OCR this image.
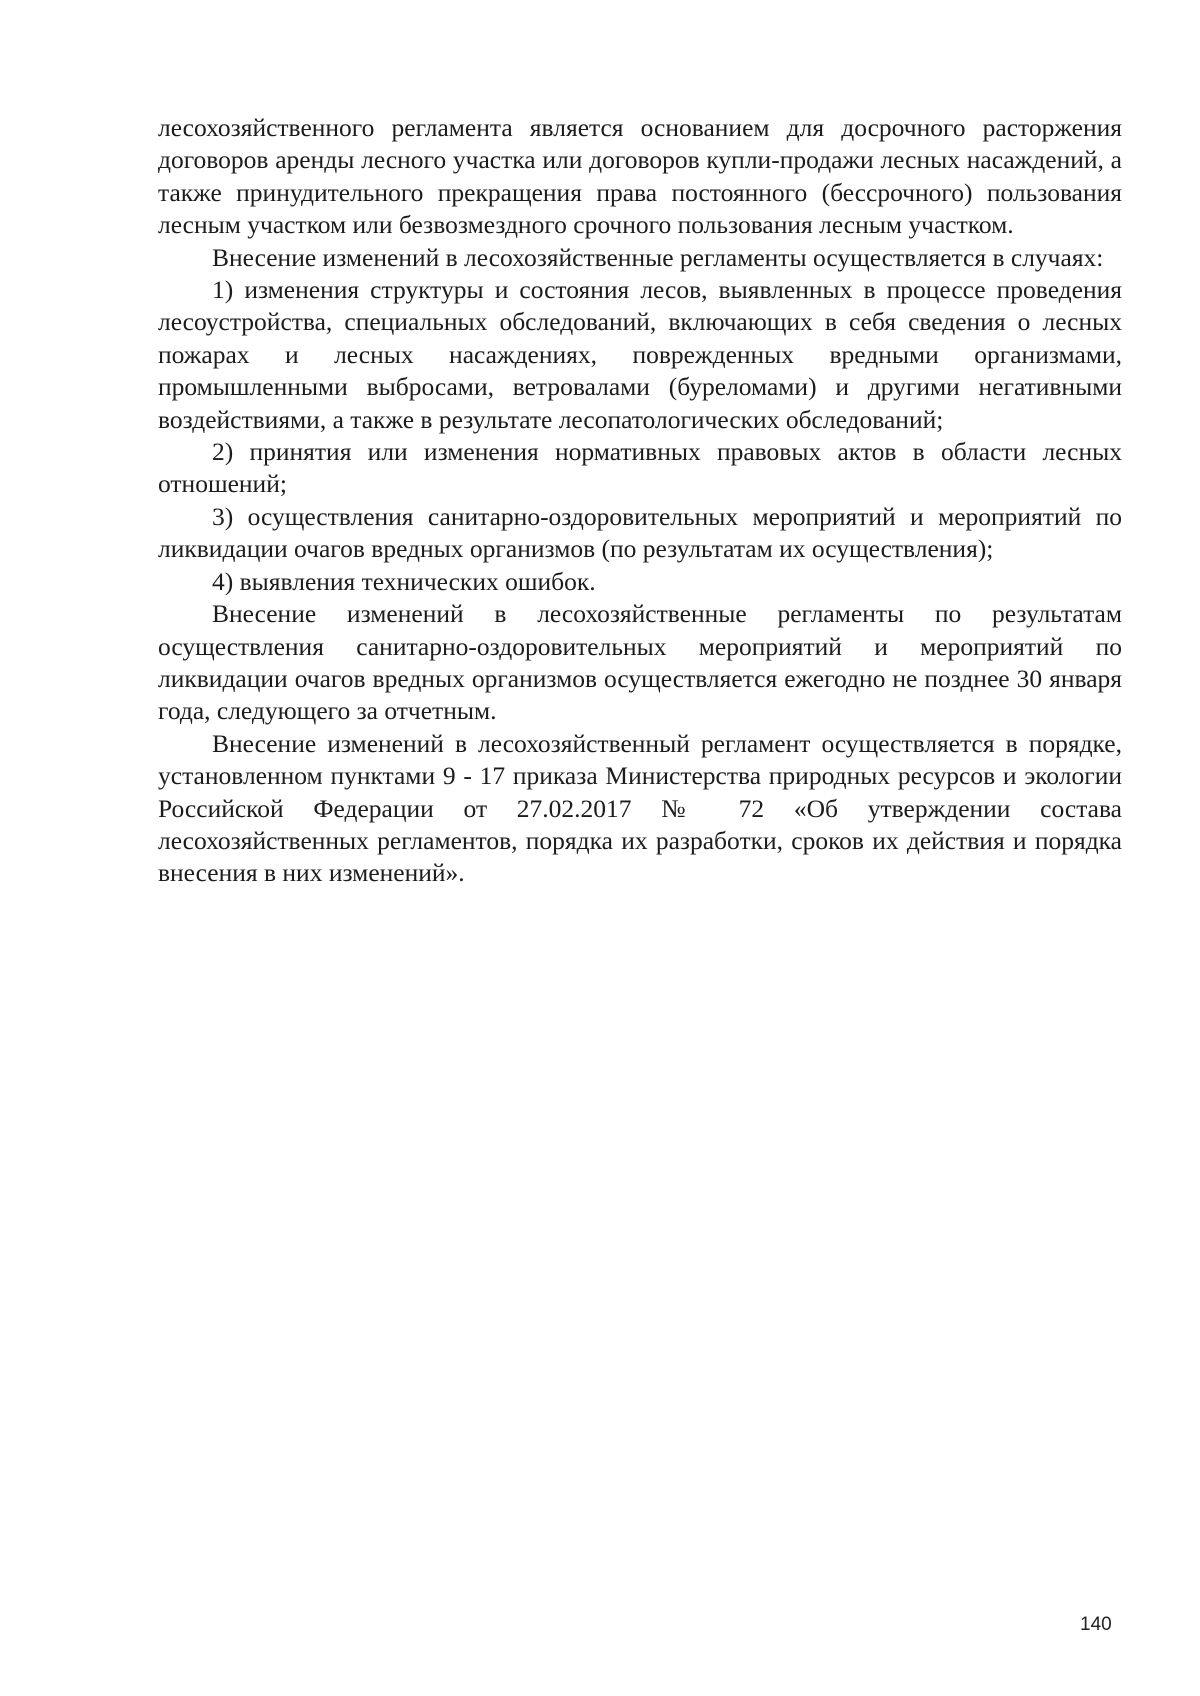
лесохозяйственного регламента является основанием для досрочного расторжения договоров аренды лесного участка или договоров купли-продажи лесных насаждений, а также принудительного прекращения права постоянного (бессрочного) пользования лесным участком или безвозмездного срочного пользования лесным участком.

Внесение изменений в лесохозяйственные регламенты осуществляется в случаях:

1) изменения структуры и состояния лесов, выявленных в процессе проведения лесоустройства, специальных обследований, включающих в себя сведения о лесных пожарах и лесных насаждениях, поврежденных вредными организмами, промышленными выбросами, ветровалами (буреломами) и другими негативными воздействиями, а также в результате лесопатологических обследований;

2) принятия или изменения нормативных правовых актов в области лесных отношений;

3) осуществления санитарно-оздоровительных мероприятий и мероприятий по ликвидации очагов вредных организмов (по результатам их осуществления);

4) выявления технических ошибок.

Внесение изменений в лесохозяйственные регламенты по результатам осуществления санитарно-оздоровительных мероприятий и мероприятий по ликвидации очагов вредных организмов осуществляется ежегодно не позднее 30 января года, следующего за отчетным.

Внесение изменений в лесохозяйственный регламент осуществляется в порядке, установленном пунктами 9 - 17 приказа Министерства природных ресурсов и экологии Российской Федерации от 27.02.2017 № 72 «Об утверждении состава лесохозяйственных регламентов, порядка их разработки, сроков их действия и порядка внесения в них изменений».

140
